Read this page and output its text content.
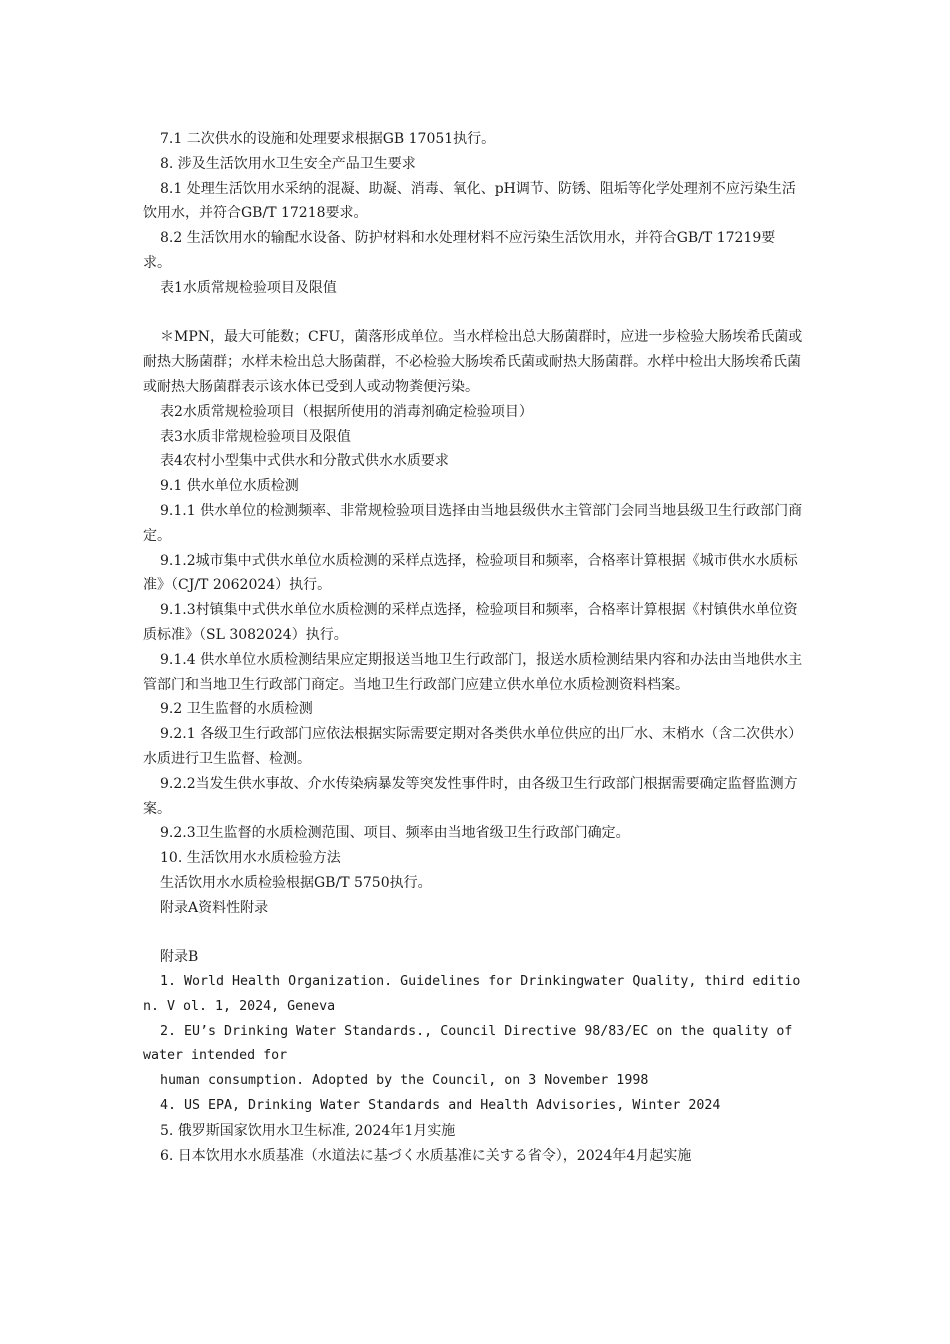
7.1 二次供水的设施和处理要求根据GB 17051执行。

8. 涉及生活饮用水卫生安全产品卫生要求

8.1 处理生活饮用水采纳的混凝、助凝、消毒、氧化、pH调节、防锈、阻垢等化学处理剂不应污染生活饮用水，并符合GB/T 17218要求。

8.2 生活饮用水的输配水设备、防护材料和水处理材料不应污染生活饮用水，并符合GB/T 17219要求。

表1水质常规检验项目及限值

＊MPN，最大可能数；CFU，菌落形成单位。当水样检出总大肠菌群时，应进一步检验大肠埃希氏菌或耐热大肠菌群；水样未检出总大肠菌群，不必检验大肠埃希氏菌或耐热大肠菌群。水样中检出大肠埃希氏菌或耐热大肠菌群表示该水体已受到人或动物粪便污染。

表2水质常规检验项目（根据所使用的消毒剂确定检验项目）

表3水质非常规检验项目及限值

表4农村小型集中式供水和分散式供水水质要求

9.1 供水单位水质检测

9.1.1 供水单位的检测频率、非常规检验项目选择由当地县级供水主管部门会同当地县级卫生行政部门商定。

9.1.2城市集中式供水单位水质检测的采样点选择，检验项目和频率，合格率计算根据《城市供水水质标准》（CJ/T 2062024）执行。

9.1.3村镇集中式供水单位水质检测的采样点选择，检验项目和频率，合格率计算根据《村镇供水单位资质标准》（SL 3082024）执行。

9.1.4 供水单位水质检测结果应定期报送当地卫生行政部门，报送水质检测结果内容和办法由当地供水主管部门和当地卫生行政部门商定。当地卫生行政部门应建立供水单位水质检测资料档案。

9.2 卫生监督的水质检测

9.2.1 各级卫生行政部门应依法根据实际需要定期对各类供水单位供应的出厂水、末梢水（含二次供水）水质进行卫生监督、检测。

9.2.2当发生供水事故、介水传染病暴发等突发性事件时，由各级卫生行政部门根据需要确定监督监测方案。

9.2.3卫生监督的水质检测范围、项目、频率由当地省级卫生行政部门确定。

10. 生活饮用水水质检验方法

生活饮用水水质检验根据GB/T 5750执行。

附录A资料性附录

附录B

1. World Health Organization. Guidelines for Drinkingwater Quality, third edition. V ol. 1, 2024, Geneva

2. EU’s Drinking Water Standards., Council Directive 98/83/EC on the quality of water intended for

human consumption. Adopted by the Council, on 3 November 1998

4. US EPA, Drinking Water Standards and Health Advisories, Winter 2024

5. 俄罗斯国家饮用水卫生标准, 2024年1月实施

6. 日本饮用水水质基准（水道法に基づく水质基准に关する省令），2024年4月起实施
